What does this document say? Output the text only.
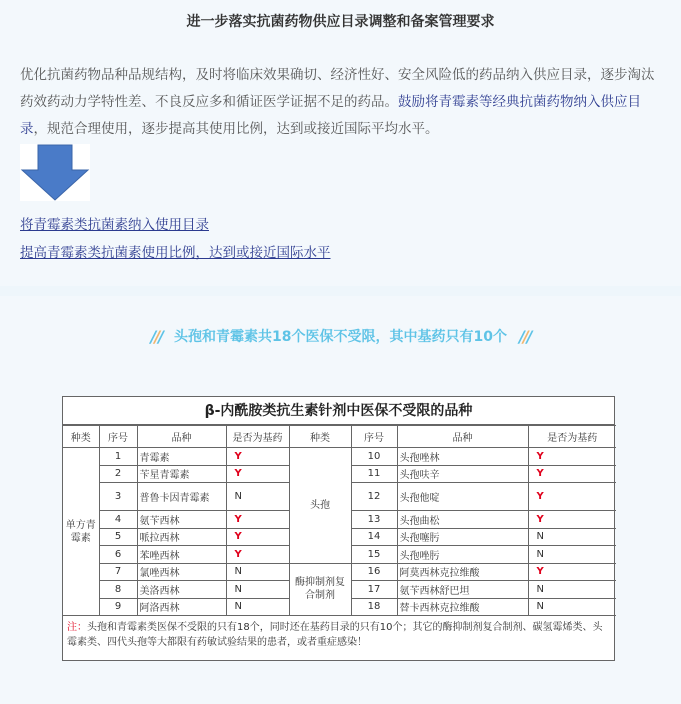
进一步落实抗菌药物供应目录调整和备案管理要求
优化抗菌药物品种品规结构，及时将临床效果确切、经济性好、安全风险低的药品纳入供应目录，逐步淘汰药效药动力学特性差、不良反应多和循证医学证据不足的药品。鼓励将青霉素等经典抗菌药物纳入供应目录，规范合理使用，逐步提高其使用比例，达到或接近国际平均水平。
将青霉素类抗菌素纳入使用目录
提高青霉素类抗菌素使用比例，达到或接近国际水平
/// 头孢和青霉素共18个医保不受限，其中基药只有10个 ///
β-内酰胺类抗生素针剂中医保不受限的品种
种类	序号	品种	是否为基药	种类	序号	品种	是否为基药
单方青霉素	1	青霉素	Y	头孢	10	头孢唑林	Y
	2	苄星青霉素	Y		11	头孢呋辛	Y
	3	普鲁卡因青霉素	N		12	头孢他啶	Y
	4	氨苄西林	Y		13	头孢曲松	Y
	5	哌拉西林	Y		14	头孢噻肟	N
	6	苯唑西林	Y		15	头孢唑肟	N
	7	氯唑西林	N	酶抑制剂复合制剂	16	阿莫西林克拉维酸	Y
	8	美洛西林	N		17	氨苄西林舒巴坦	N
	9	阿洛西林	N		18	替卡西林克拉维酸	N
注：头孢和青霉素类医保不受限的只有18个，同时还在基药目录的只有10个；其它的酶抑制剂复合制剂、碳氢霉烯类、头霉素类、四代头孢等大都限有药敏试验结果的患者，或者重症感染！
